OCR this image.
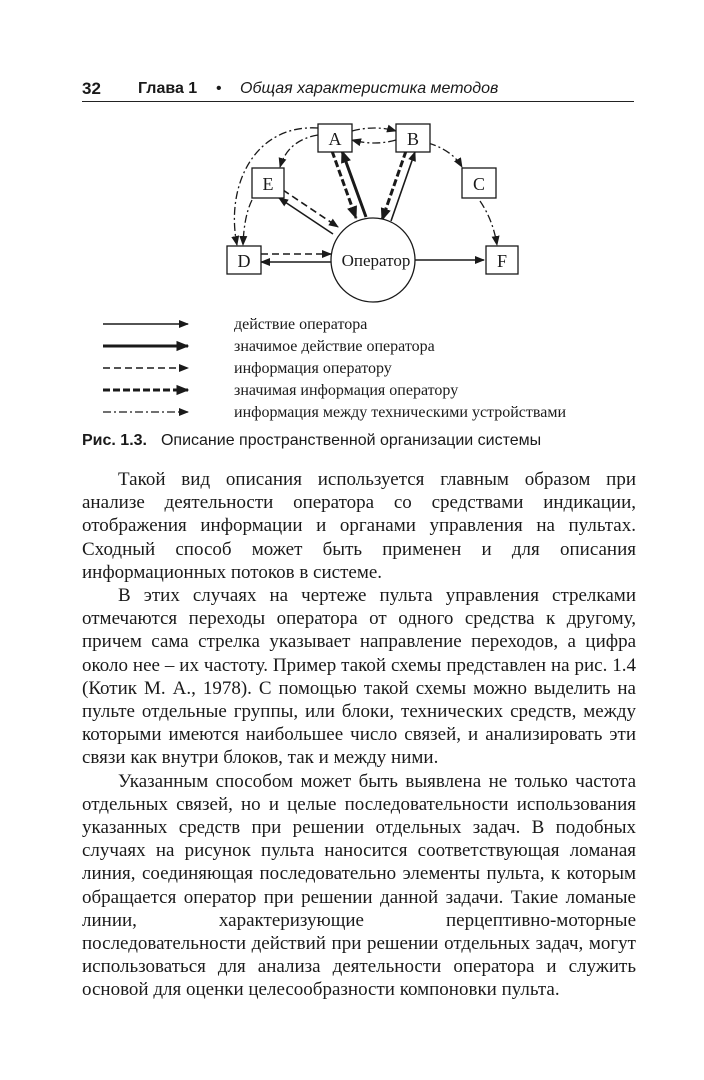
32 Глава 1 • Общая характеристика методов
A	B
C
E
D	F
Оператор
действие оператора
значимое действие оператора
информация оператору
значимая информация оператору
информация между техническими устройствами
Рис. 1.3. Описание пространственной организации системы

Такой вид описания используется главным образом при анализе деятельности оператора со средствами индикации, отображения информации и органами управления на пультах. Сходный способ может быть применен и для описания информационных потоков в системе.

В этих случаях на чертеже пульта управления стрелками отмечаются переходы оператора от одного средства к другому, причем сама стрелка указывает направление переходов, а цифра около нее – их частоту. Пример такой схемы представлен на рис. 1.4 (Котик М. А., 1978). С помощью такой схемы можно выделить на пульте отдельные группы, или блоки, технических средств, между которыми имеются наибольшее число связей, и анализировать эти связи как внутри блоков, так и между ними.

Указанным способом может быть выявлена не только частота отдельных связей, но и целые последовательности использования указанных средств при решении отдельных задач. В подобных случаях на рисунок пульта наносится соответствующая ломаная линия, соединяющая последовательно элементы пульта, к которым обращается оператор при решении данной задачи. Такие ломаные линии, характеризующие перцептивно-моторные последовательности действий при решении отдельных задач, могут использоваться для анализа деятельности оператора и служить основой для оценки целесообразности компоновки пульта.
